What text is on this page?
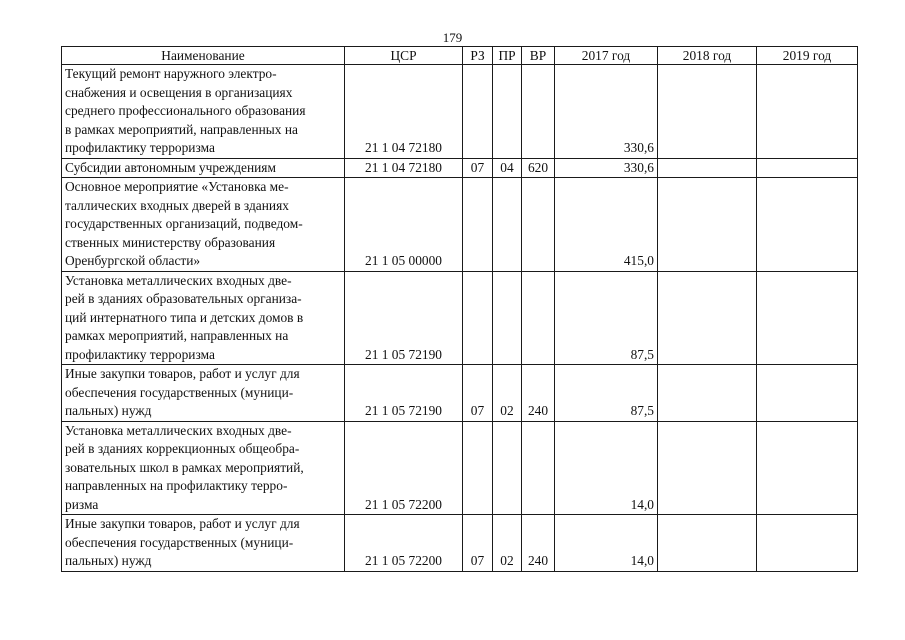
179
Наименование	ЦСР	РЗ	ПР	ВР	2017 год	2018 год	2019 год
Текущий ремонт наружного электро-
снабжения и освещения в организациях
среднего профессионального образования
в рамках мероприятий, направленных на
профилактику терроризма	21 1 04 72180				330,6		
Субсидии автономным учреждениям	21 1 04 72180	07	04	620	330,6		
Основное мероприятие «Установка ме-
таллических входных дверей в зданиях
государственных организаций, подведом-
ственных министерству образования
Оренбургской области»	21 1 05 00000				415,0		
Установка металлических входных две-
рей в зданиях образовательных организа-
ций интернатного типа и детских домов в
рамках мероприятий, направленных на
профилактику терроризма	21 1 05 72190				87,5		
Иные закупки товаров, работ и услуг для
обеспечения государственных (муници-
пальных) нужд	21 1 05 72190	07	02	240	87,5		
Установка металлических входных две-
рей в зданиях коррекционных общеобра-
зовательных школ в рамках мероприятий,
направленных на профилактику терро-
ризма	21 1 05 72200				14,0		
Иные закупки товаров, работ и услуг для
обеспечения государственных (муници-
пальных) нужд	21 1 05 72200	07	02	240	14,0		
